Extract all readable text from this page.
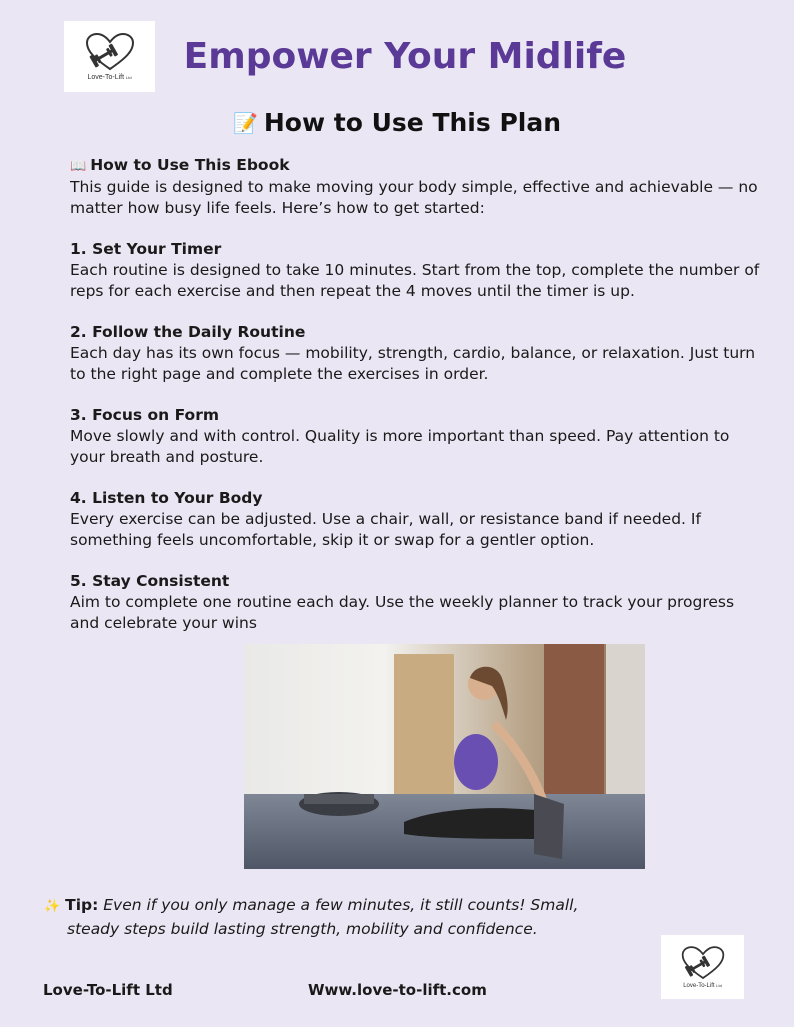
Love-To-Lift Ltd
Empower Your Midlife
📝 How to Use This Plan
📖 How to Use This Ebook

This guide is designed to make moving your body simple, effective and achievable — no matter how busy life feels. Here’s how to get started:

1. Set Your Timer

Each routine is designed to take 10 minutes. Start from the top, complete the number of reps for each exercise and then repeat the 4 moves until the timer is up.

2. Follow the Daily Routine

Each day has its own focus — mobility, strength, cardio, balance, or relaxation. Just turn to the right page and complete the exercises in order.

3. Focus on Form

Move slowly and with control. Quality is more important than speed. Pay attention to your breath and posture.

4. Listen to Your Body

Every exercise can be adjusted. Use a chair, wall, or resistance band if needed. If something feels uncomfortable, skip it or swap for a gentler option.

5. Stay Consistent

Aim to complete one routine each day. Use the weekly planner to track your progress and celebrate your wins

✨ Tip: Even if you only manage a few minutes, it still counts! Small,
steady steps build lasting strength, mobility and confidence.
Love-To-Lift Ltd
Love-To-Lift Ltd	Www.love-to-lift.com
